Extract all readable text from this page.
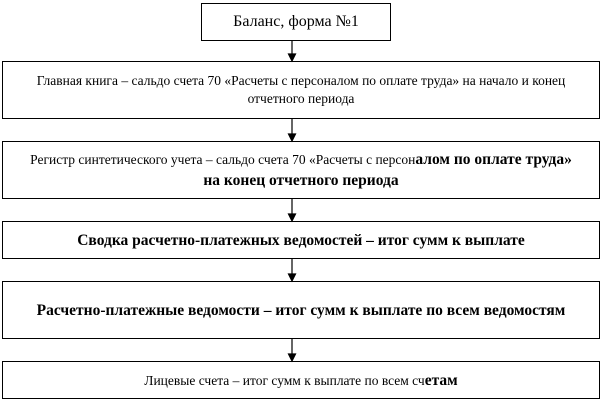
Баланс, форма №1
Главная книга – сальдо счета 70 «Расчеты с персоналом по оплате труда» на начало и конец отчетного периода
Регистр синтетического учета – сальдо счета 70 «Расчеты с персоналом по оплате труда» на конец отчетного периода
Сводка расчетно-платежных ведомостей – итог сумм к выплате
Расчетно-платежные ведомости – итог сумм к выплате по всем ведомостям
Лицевые счета – итог сумм к выплате по всем счетам
